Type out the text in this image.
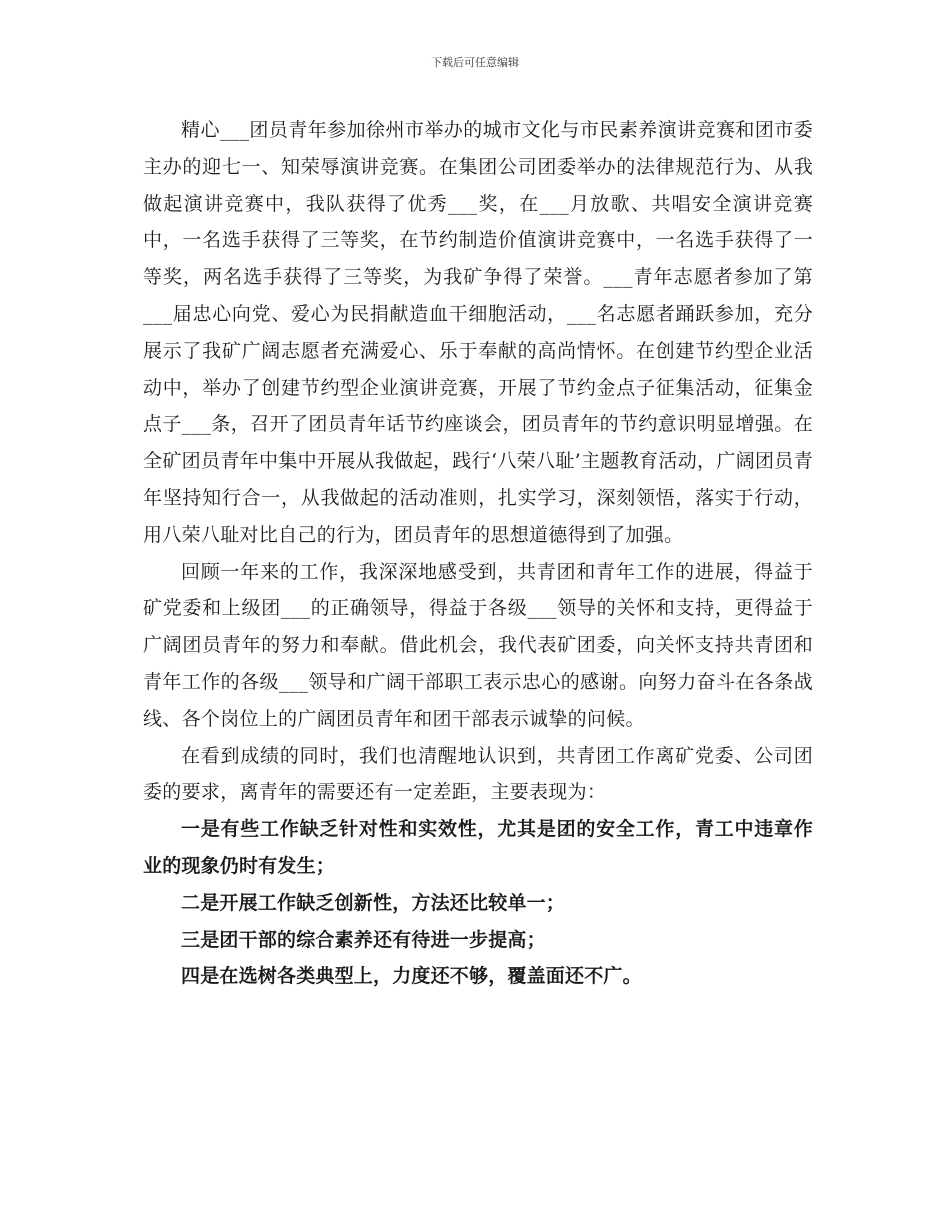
下载后可任意编辑

精心___团员青年参加徐州市举办的城市文化与市民素养演讲竞赛和团市委主办的迎七一、知荣辱演讲竞赛。在集团公司团委举办的法律规范行为、从我做起演讲竞赛中，我队获得了优秀___奖，在___月放歌、共唱安全演讲竞赛中，一名选手获得了三等奖，在节约制造价值演讲竞赛中，一名选手获得了一等奖，两名选手获得了三等奖，为我矿争得了荣誉。___青年志愿者参加了第___届忠心向党、爱心为民捐献造血干细胞活动，___名志愿者踊跃参加，充分展示了我矿广阔志愿者充满爱心、乐于奉献的高尚情怀。在创建节约型企业活动中，举办了创建节约型企业演讲竞赛，开展了节约金点子征集活动，征集金点子___条，召开了团员青年话节约座谈会，团员青年的节约意识明显增强。在全矿团员青年中集中开展从我做起，践行‘八荣八耻’主题教育活动，广阔团员青年坚持知行合一，从我做起的活动准则，扎实学习，深刻领悟，落实于行动，用八荣八耻对比自己的行为，团员青年的思想道德得到了加强。

回顾一年来的工作，我深深地感受到，共青团和青年工作的进展，得益于矿党委和上级团___的正确领导，得益于各级___领导的关怀和支持，更得益于广阔团员青年的努力和奉献。借此机会，我代表矿团委，向关怀支持共青团和青年工作的各级___领导和广阔干部职工表示忠心的感谢。向努力奋斗在各条战线、各个岗位上的广阔团员青年和团干部表示诚挚的问候。

在看到成绩的同时，我们也清醒地认识到，共青团工作离矿党委、公司团委的要求，离青年的需要还有一定差距，主要表现为：

一是有些工作缺乏针对性和实效性，尤其是团的安全工作，青工中违章作业的现象仍时有发生；

二是开展工作缺乏创新性，方法还比较单一；

三是团干部的综合素养还有待进一步提高；

四是在选树各类典型上，力度还不够，覆盖面还不广。
